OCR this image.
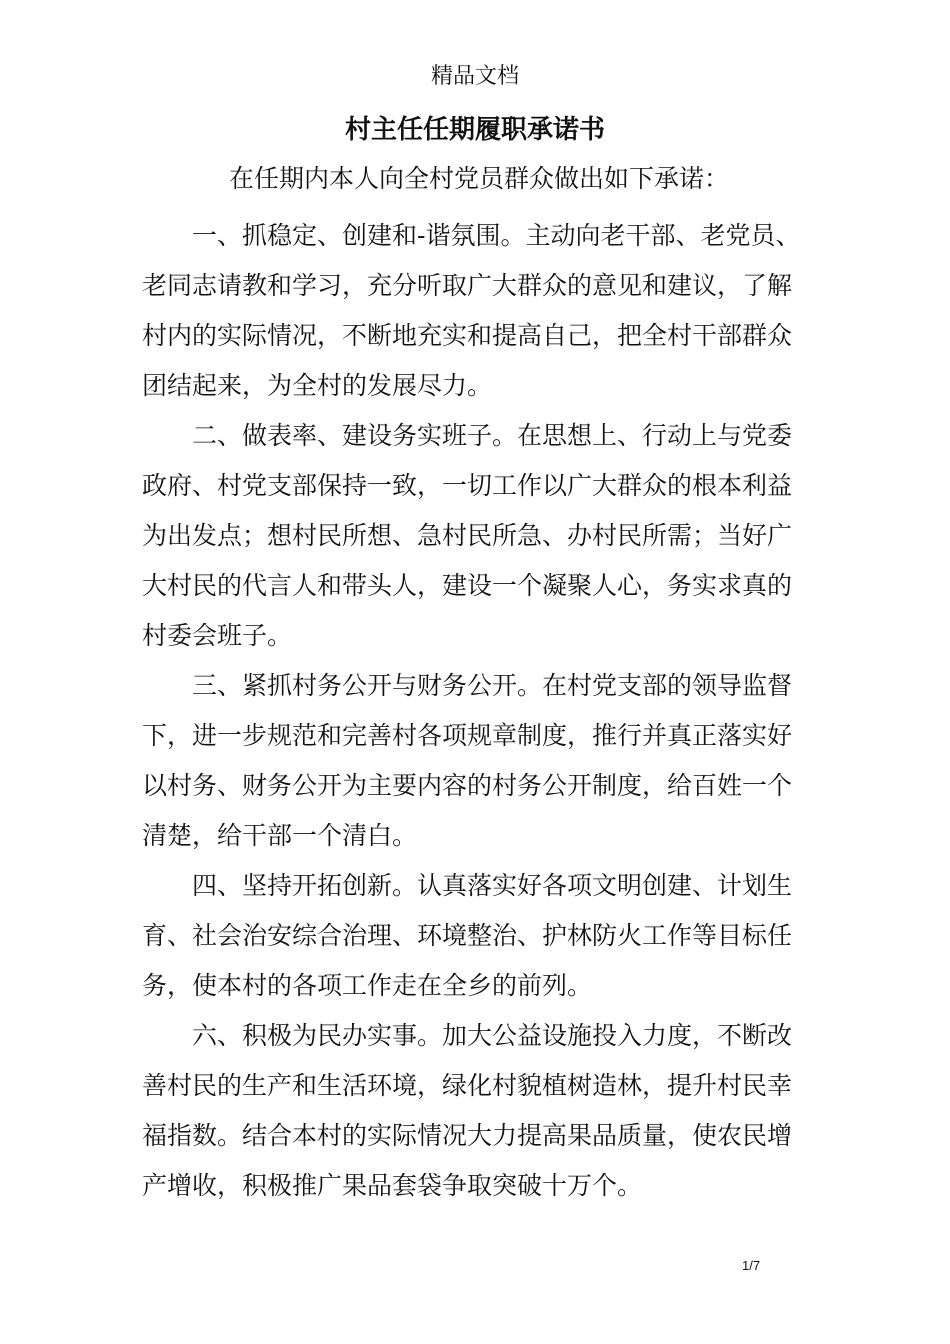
精品文档
村主任任期履职承诺书
在任期内本人向全村党员群众做出如下承诺：
一、抓稳定、创建和-谐氛围。主动向老干部、老党员、
老同志请教和学习，充分听取广大群众的意见和建议，了解
村内的实际情况，不断地充实和提高自己，把全村干部群众
团结起来，为全村的发展尽力。
二、做表率、建设务实班子。在思想上、行动上与党委
政府、村党支部保持一致，一切工作以广大群众的根本利益
为出发点；想村民所想、急村民所急、办村民所需；当好广
大村民的代言人和带头人，建设一个凝聚人心，务实求真的
村委会班子。
三、紧抓村务公开与财务公开。在村党支部的领导监督
下，进一步规范和完善村各项规章制度，推行并真正落实好
以村务、财务公开为主要内容的村务公开制度，给百姓一个
清楚，给干部一个清白。
四、坚持开拓创新。认真落实好各项文明创建、计划生
育、社会治安综合治理、环境整治、护林防火工作等目标任
务，使本村的各项工作走在全乡的前列。
六、积极为民办实事。加大公益设施投入力度，不断改
善村民的生产和生活环境，绿化村貌植树造林，提升村民幸
福指数。结合本村的实际情况大力提高果品质量，使农民增
产增收，积极推广果品套袋争取突破十万个。
1/7
